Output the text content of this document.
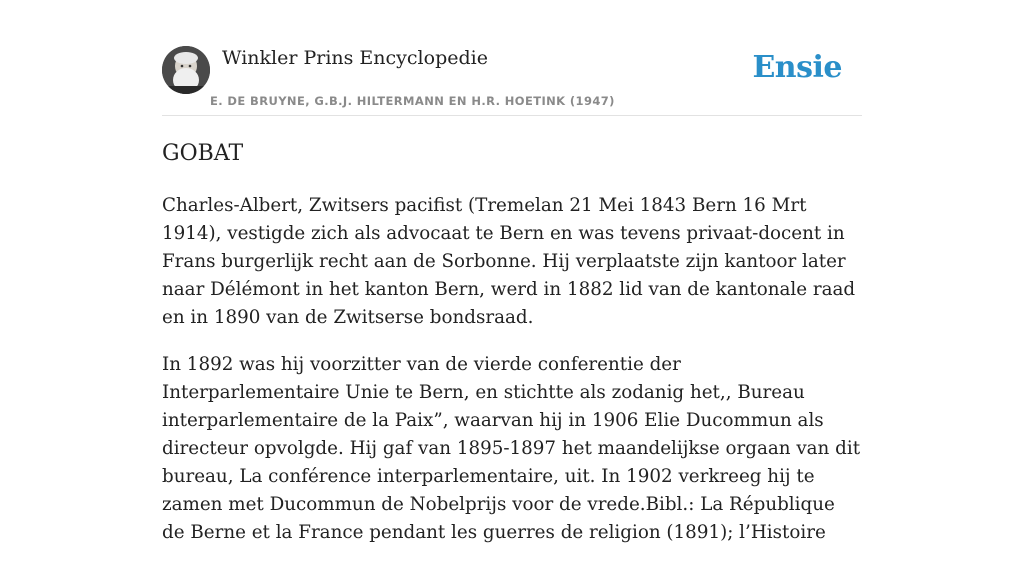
Winkler Prins Encyclopedie
E. DE BRUYNE, G.B.J. HILTERMANN EN H.R. HOETINK (1947)
Ensie
GOBAT

Charles-Albert, Zwitsers pacifist (Tremelan 21 Mei 1843 Bern 16 Mrt 1914), vestigde zich als advocaat te Bern en was tevens privaat-docent in Frans burgerlijk recht aan de Sorbonne. Hij verplaatste zijn kantoor later naar Délémont in het kanton Bern, werd in 1882 lid van de kantonale raad en in 1890 van de Zwitserse bondsraad.

In 1892 was hij voorzitter van de vierde conferentie der Interparlementaire Unie te Bern, en stichtte als zodanig het,, Bureau interparlementaire de la Paix”, waarvan hij in 1906 Elie Ducommun als directeur opvolgde. Hij gaf van 1895-1897 het maandelijkse orgaan van dit bureau, La conférence interparlementaire, uit. In 1902 verkreeg hij te zamen met Ducommun de Nobelprijs voor de vrede.Bibl.: La République de Berne et la France pendant les guerres de religion (1891); l’Histoire
